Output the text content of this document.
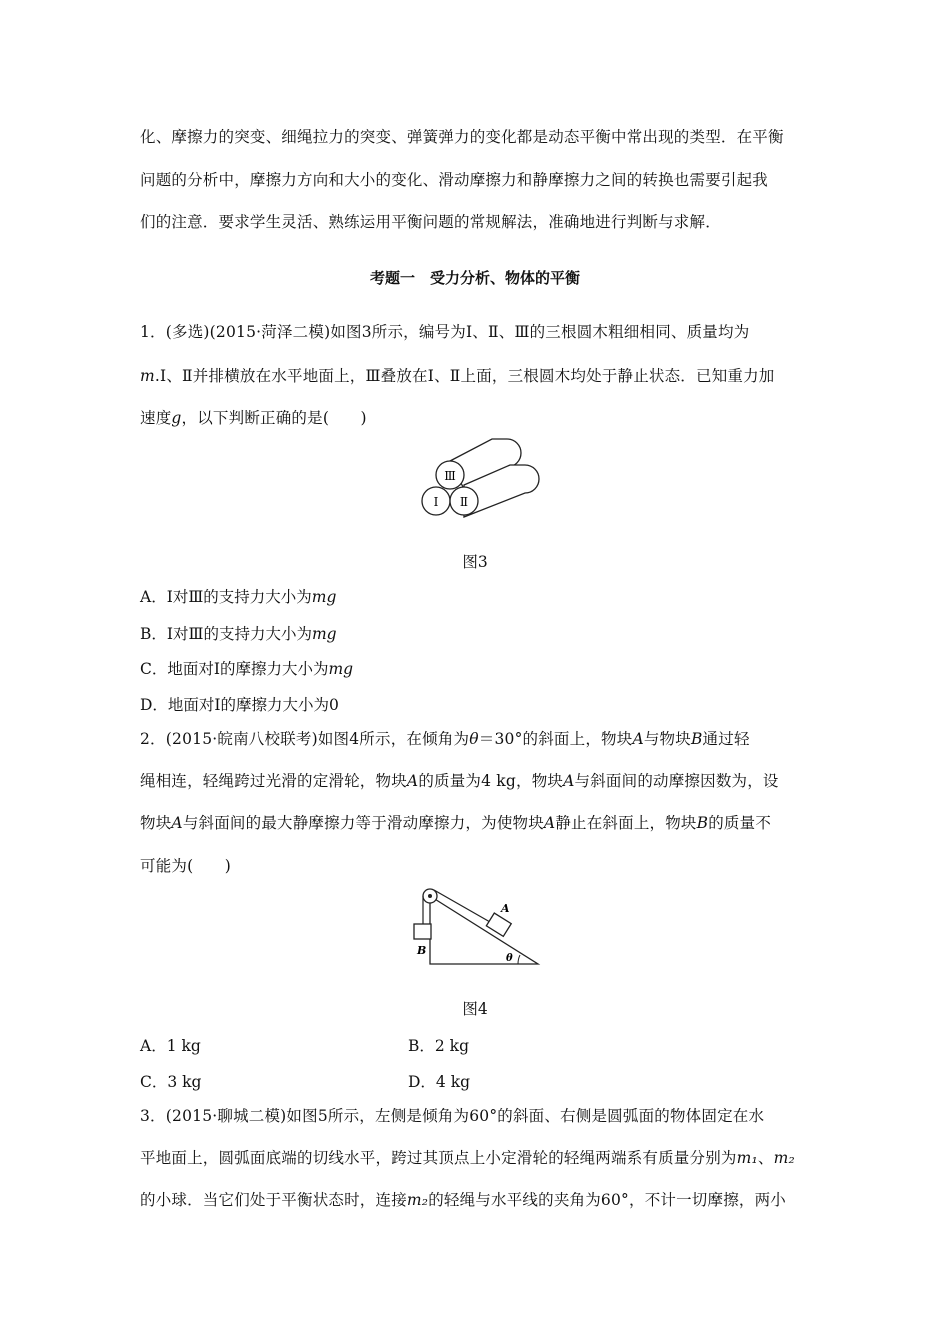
化、摩擦力的突变、细绳拉力的突变、弹簧弹力的变化都是动态平衡中常出现的类型．在平衡
问题的分析中，摩擦力方向和大小的变化、滑动摩擦力和静摩擦力之间的转换也需要引起我
们的注意．要求学生灵活、熟练运用平衡问题的常规解法，准确地进行判断与求解．
考题一　受力分析、物体的平衡
1．(多选)(2015·菏泽二模)如图3所示，编号为Ⅰ、Ⅱ、Ⅲ的三根圆木粗细相同、质量均为
m.Ⅰ、Ⅱ并排横放在水平地面上，Ⅲ叠放在Ⅰ、Ⅱ上面，三根圆木均处于静止状态．已知重力加
速度g，以下判断正确的是(　　)
Ⅲ
Ⅰ Ⅱ
图3
A．Ⅰ对Ⅲ的支持力大小为mg
B．Ⅰ对Ⅲ的支持力大小为mg
C．地面对Ⅰ的摩擦力大小为mg
D．地面对Ⅰ的摩擦力大小为0
2．(2015·皖南八校联考)如图4所示，在倾角为θ＝30°的斜面上，物块A与物块B通过轻
绳相连，轻绳跨过光滑的定滑轮，物块A的质量为4 kg，物块A与斜面间的动摩擦因数为，设
物块A与斜面间的最大静摩擦力等于滑动摩擦力，为使物块A静止在斜面上，物块B的质量不
可能为(　　)
A
B
θ
图4
A．1 kg	B．2 kg
C．3 kg	D．4 kg
3．(2015·聊城二模)如图5所示，左侧是倾角为60°的斜面、右侧是圆弧面的物体固定在水
平地面上，圆弧面底端的切线水平，跨过其顶点上小定滑轮的轻绳两端系有质量分别为m₁、m₂
的小球．当它们处于平衡状态时，连接m₂的轻绳与水平线的夹角为60°，不计一切摩擦，两小
